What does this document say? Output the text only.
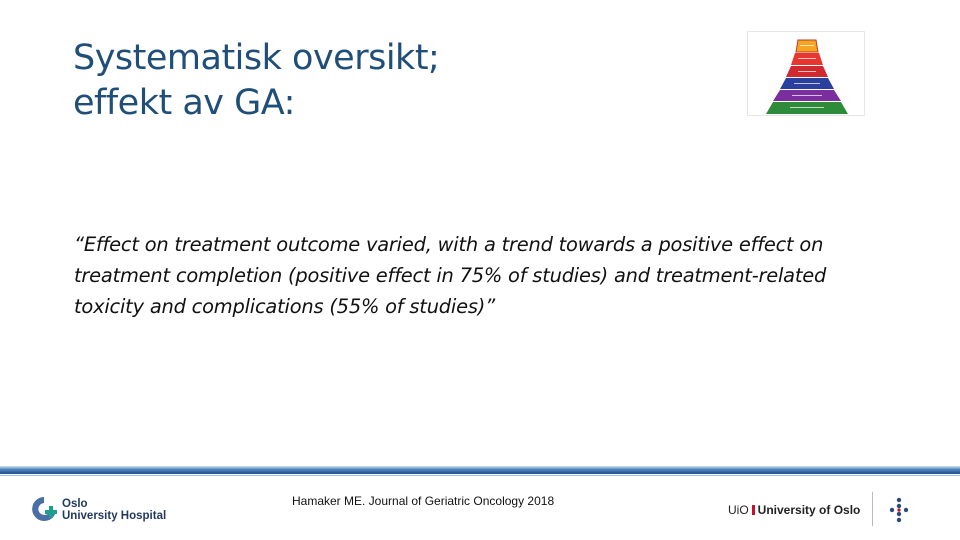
Systematisk oversikt;
effekt av GA:
“Effect on treatment outcome varied, with a trend towards a positive effect on treatment completion (positive effect in 75% of studies) and treatment-related toxicity and complications (55% of studies)”
Oslo
University Hospital
Hamaker ME. Journal of Geriatric Oncology 2018
UiO University of Oslo
